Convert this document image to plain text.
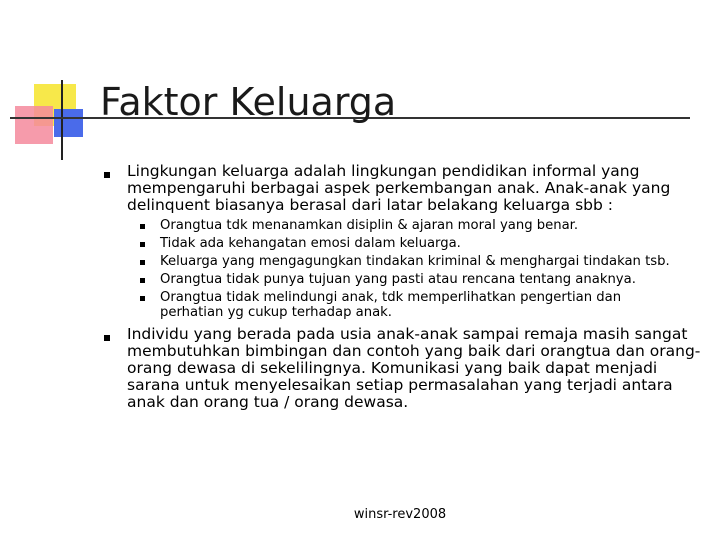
Faktor Keluarga
Lingkungan keluarga adalah lingkungan pendidikan informal yang mempengaruhi berbagai aspek perkembangan anak. Anak-anak yang delinquent biasanya berasal dari latar belakang keluarga sbb :
Orangtua tdk menanamkan disiplin & ajaran moral yang benar.
Tidak ada kehangatan emosi dalam keluarga.
Keluarga yang mengagungkan tindakan kriminal & menghargai tindakan tsb.
Orangtua tidak punya tujuan yang pasti atau rencana tentang anaknya.
Orangtua tidak melindungi anak, tdk memperlihatkan pengertian dan perhatian yg cukup terhadap anak.
Individu yang berada pada usia anak-anak sampai remaja masih sangat membutuhkan bimbingan dan contoh yang baik dari orangtua dan orang-orang dewasa di sekelilingnya. Komunikasi yang baik dapat menjadi sarana untuk menyelesaikan setiap permasalahan yang terjadi antara anak dan orang tua / orang dewasa.
winsr-rev2008
